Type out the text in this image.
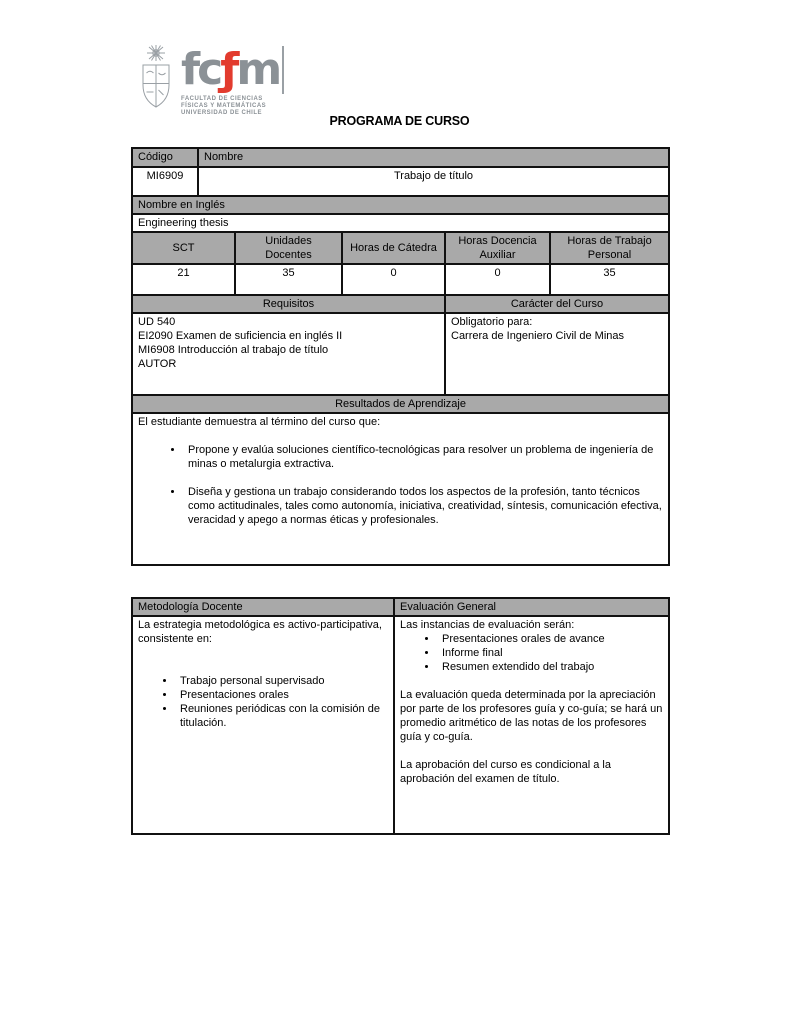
fcƒm
FACULTAD DE CIENCIAS
FÍSICAS Y MATEMÁTICAS
UNIVERSIDAD DE CHILE
PROGRAMA DE CURSO
Código	Nombre				
MI6909	Trabajo de título				
Nombre en Inglés					
Engineering thesis					
SCT		Unidades Docentes	Horas de Cátedra	Horas Docencia Auxiliar	Horas de Trabajo Personal
21		35	0	0	35
Requisitos				Carácter del Curso	

UD 540
EI2090 Examen de suficiencia en inglés II
MI6908 Introducción al trabajo de título
AUTOR

Obligatorio para:
Carrera de Ingeniero Civil de Minas

Resultados de Aprendizaje					

El estudiante demuestra al término del curso que:
• Propone y evalúa soluciones científico-tecnológicas para resolver un problema de ingeniería de minas o metalurgia extractiva.
• Diseña y gestiona un trabajo considerando todos los aspectos de la profesión, tanto técnicos como actitudinales, tales como autonomía, iniciativa, creatividad, síntesis, comunicación efectiva, veracidad y apego a normas éticas y profesionales.
Metodología Docente	Evaluación General

La estrategia metodológica es activo-participativa, consistente en:
• Trabajo personal supervisado
• Presentaciones orales
• Reuniones periódicas con la comisión de titulación.

Las instancias de evaluación serán:
• Presentaciones orales de avance
• Informe final
• Resumen extendido del trabajo
La evaluación queda determinada por la apreciación por parte de los profesores guía y co-guía; se hará un promedio aritmético de las notas de los profesores guía y co-guía.
La aprobación del curso es condicional a la aprobación del examen de título.
